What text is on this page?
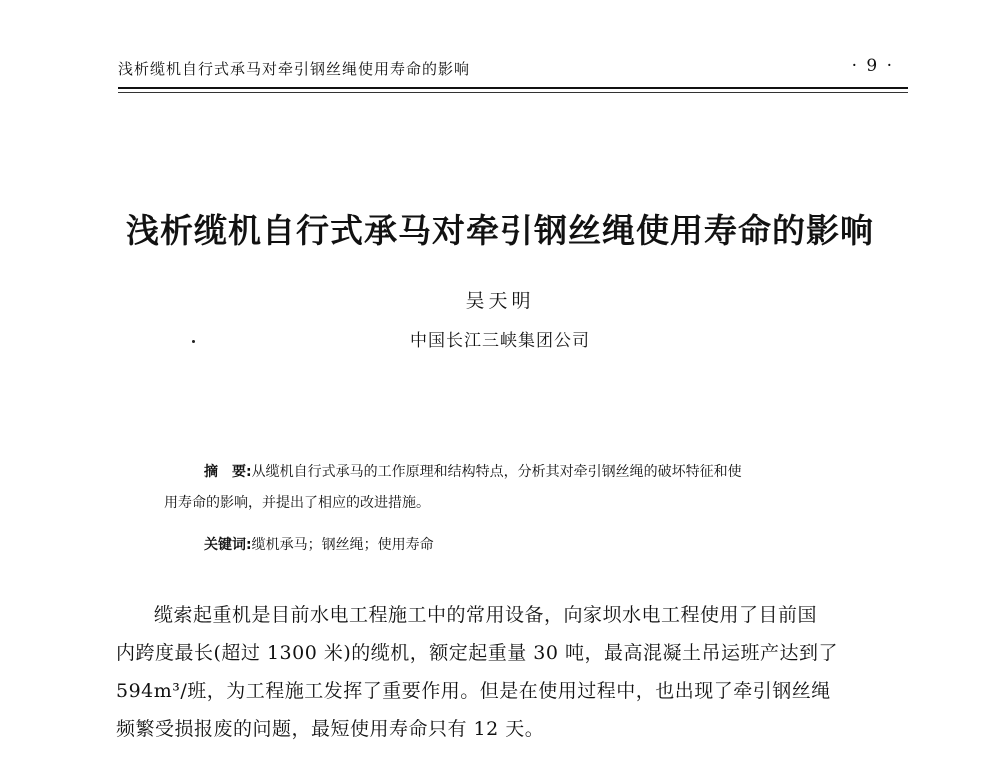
浅析缆机自行式承马对牵引钢丝绳使用寿命的影响	· 9 ·
浅析缆机自行式承马对牵引钢丝绳使用寿命的影响
吴天明
中国长江三峡集团公司
摘　要:从缆机自行式承马的工作原理和结构特点，分析其对牵引钢丝绳的破坏特征和使
用寿命的影响，并提出了相应的改进措施。
关键词:缆机承马；钢丝绳；使用寿命
缆索起重机是目前水电工程施工中的常用设备，向家坝水电工程使用了目前国
内跨度最长(超过 1300 米)的缆机，额定起重量 30 吨，最高混凝土吊运班产达到了
594m³/班，为工程施工发挥了重要作用。但是在使用过程中，也出现了牵引钢丝绳
频繁受损报废的问题，最短使用寿命只有 12 天。
